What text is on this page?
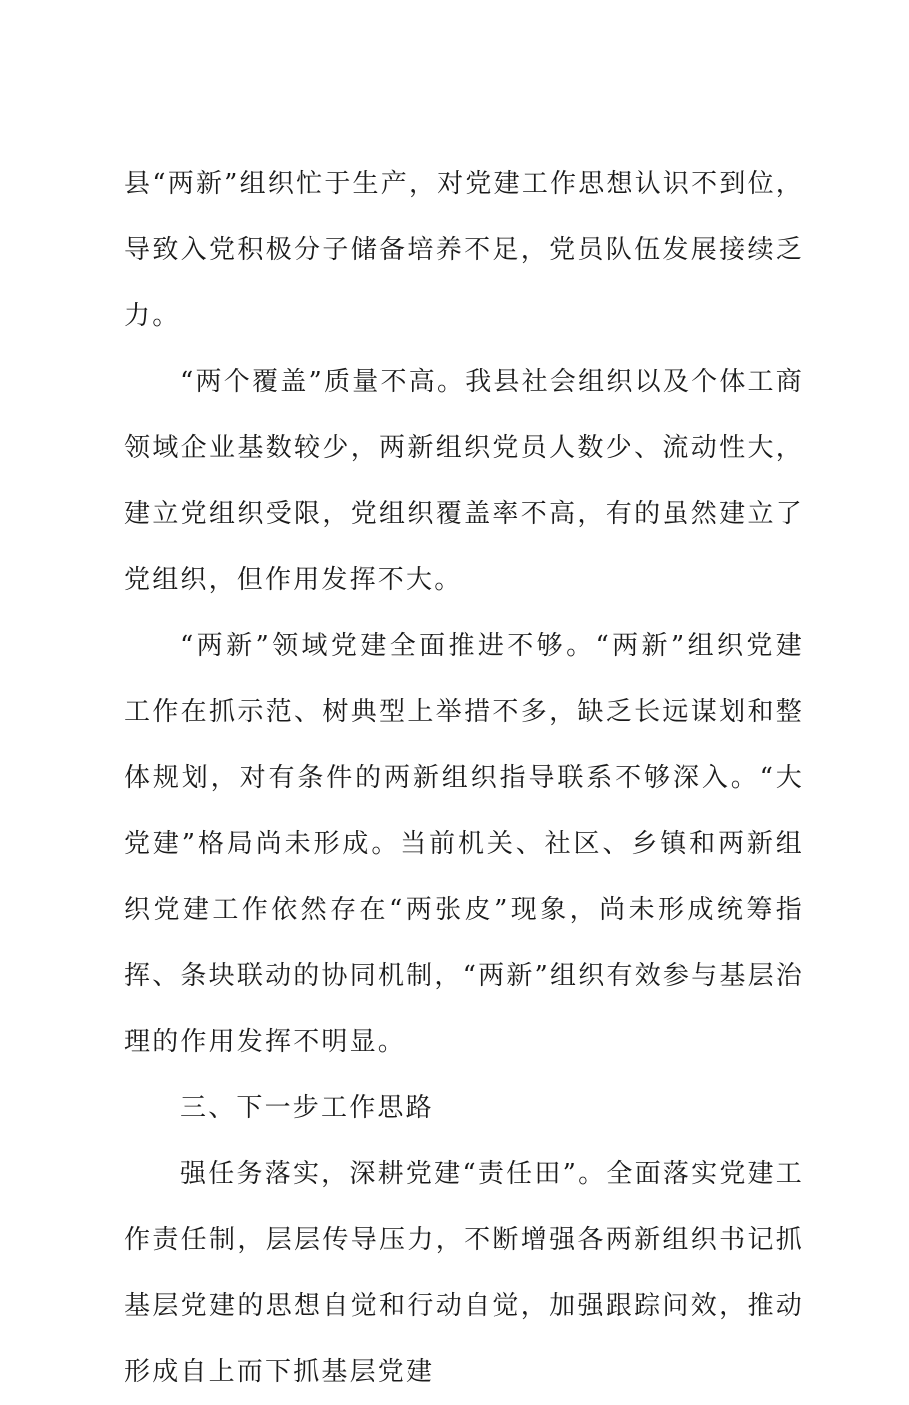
县“两新”组织忙于生产，对党建工作思想认识不到位，导致入党积极分子储备培养不足，党员队伍发展接续乏力。

“两个覆盖”质量不高。我县社会组织以及个体工商领域企业基数较少，两新组织党员人数少、流动性大，建立党组织受限，党组织覆盖率不高，有的虽然建立了党组织，但作用发挥不大。

“两新”领域党建全面推进不够。“两新”组织党建工作在抓示范、树典型上举措不多，缺乏长远谋划和整体规划，对有条件的两新组织指导联系不够深入。“大党建”格局尚未形成。当前机关、社区、乡镇和两新组织党建工作依然存在“两张皮”现象，尚未形成统筹指挥、条块联动的协同机制，“两新”组织有效参与基层治理的作用发挥不明显。

三、下一步工作思路

强任务落实，深耕党建“责任田”。全面落实党建工作责任制，层层传导压力，不断增强各两新组织书记抓基层党建的思想自觉和行动自觉，加强跟踪问效，推动形成自上而下抓基层党建
